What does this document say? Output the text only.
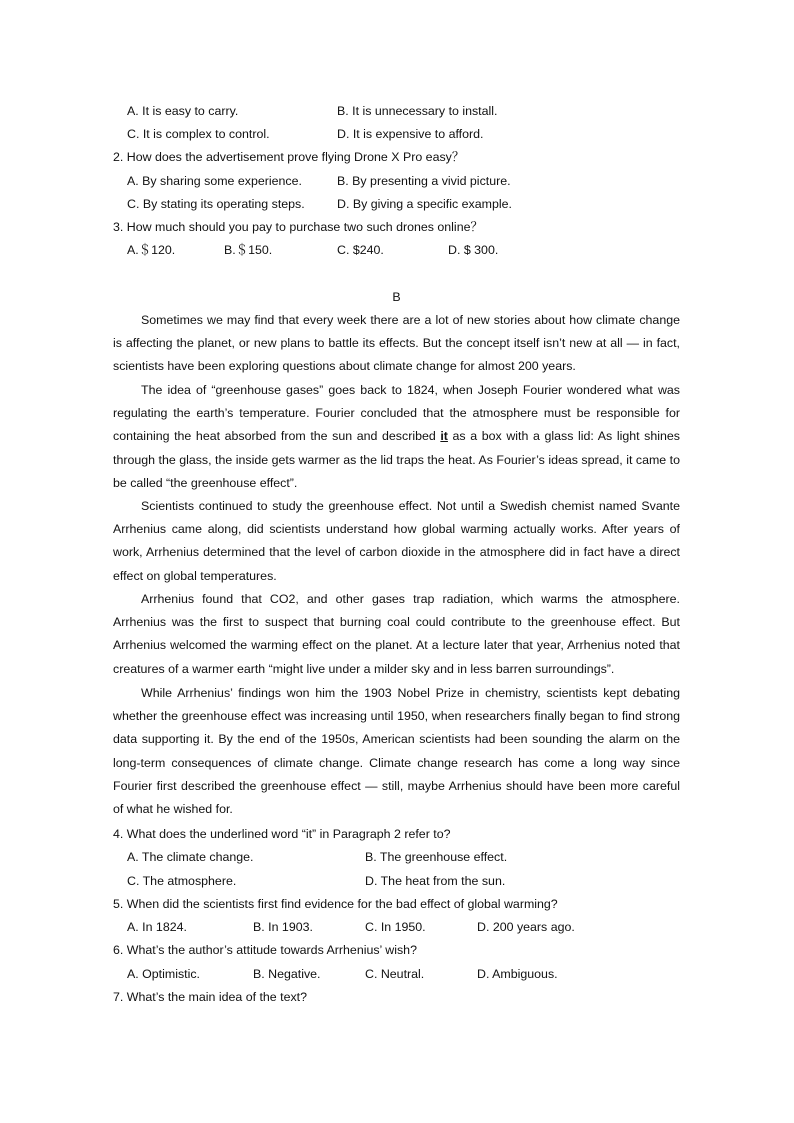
A. It is easy to carry.	B. It is unnecessary to install.
C. It is complex to control.	D. It is expensive to afford.
2. How does the advertisement prove flying Drone X Pro easy？
A. By sharing some experience.	B. By presenting a vivid picture.
C. By stating its operating steps.	D. By giving a specific example.
3. How much should you pay to purchase two such drones online？
A.＄120.	B.＄150.	C. $240.	D. $ 300.
B

Sometimes we may find that every week there are a lot of new stories about how climate change is affecting the planet, or new plans to battle its effects. But the concept itself isn’t new at all — in fact, scientists have been exploring questions about climate change for almost 200 years.

The idea of “greenhouse gases” goes back to 1824, when Joseph Fourier wondered what was regulating the earth’s temperature. Fourier concluded that the atmosphere must be responsible for containing the heat absorbed from the sun and described it as a box with a glass lid: As light shines through the glass, the inside gets warmer as the lid traps the heat. As Fourier’s ideas spread, it came to be called “the greenhouse effect”.

Scientists continued to study the greenhouse effect. Not until a Swedish chemist named Svante Arrhenius came along, did scientists understand how global warming actually works. After years of work, Arrhenius determined that the level of carbon dioxide in the atmosphere did in fact have a direct effect on global temperatures.

Arrhenius found that CO2, and other gases trap radiation, which warms the atmosphere. Arrhenius was the first to suspect that burning coal could contribute to the greenhouse effect. But Arrhenius welcomed the warming effect on the planet. At a lecture later that year, Arrhenius noted that creatures of a warmer earth “might live under a milder sky and in less barren surroundings”.

While Arrhenius’ findings won him the 1903 Nobel Prize in chemistry, scientists kept debating whether the greenhouse effect was increasing until 1950, when researchers finally began to find strong data supporting it. By the end of the 1950s, American scientists had been sounding the alarm on the long-term consequences of climate change. Climate change research has come a long way since Fourier first described the greenhouse effect — still, maybe Arrhenius should have been more careful of what he wished for.

4. What does the underlined word “it” in Paragraph 2 refer to?
A. The climate change.	B. The greenhouse effect.
C. The atmosphere.	D. The heat from the sun.
5. When did the scientists first find evidence for the bad effect of global warming?
A. In 1824.	B. In 1903.	C. In 1950.	D. 200 years ago.
6. What’s the author’s attitude towards Arrhenius’ wish?
A. Optimistic.	B. Negative.	C. Neutral.	D. Ambiguous.
7. What’s the main idea of the text?
